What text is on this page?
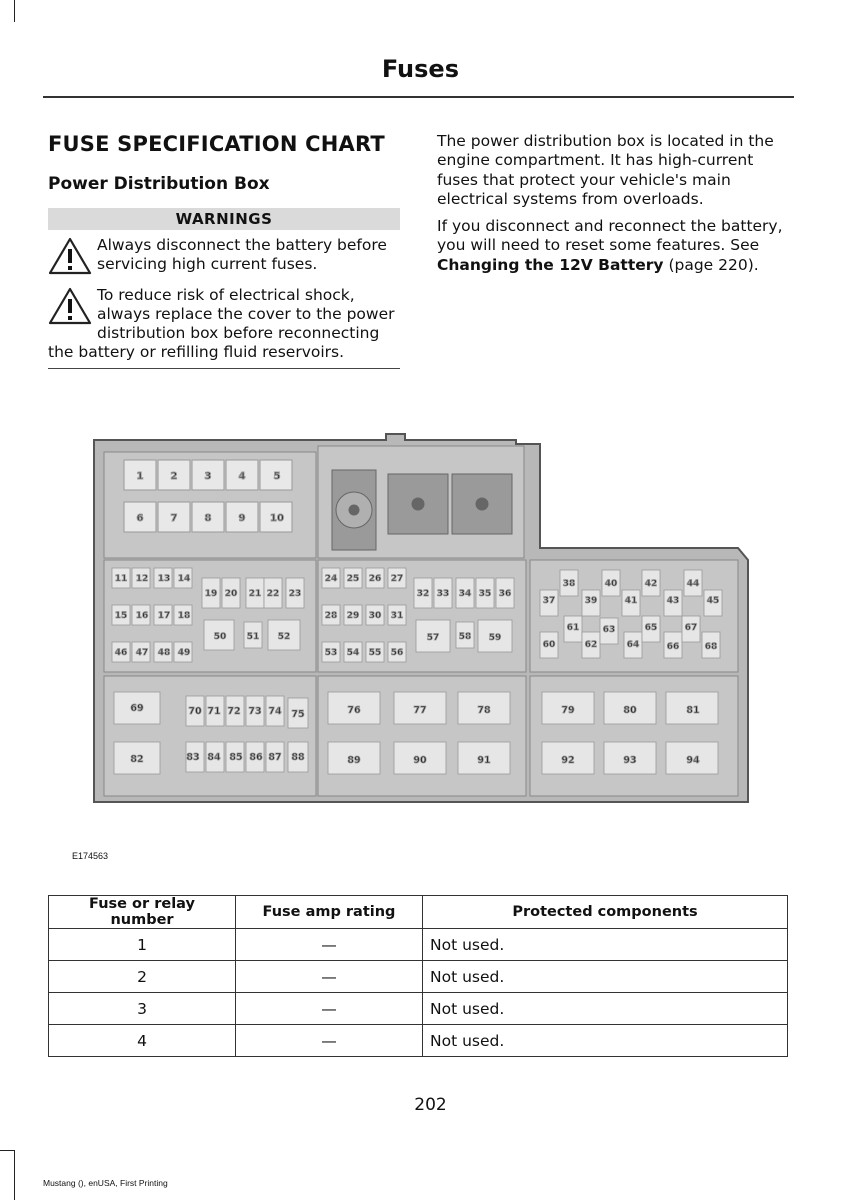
Fuses
FUSE SPECIFICATION CHART
Power Distribution Box
WARNINGS
Always disconnect the battery before servicing high current fuses.
To reduce risk of electrical shock, always replace the cover to the power distribution box before reconnecting the battery or refilling fluid reservoirs.

The power distribution box is located in the engine compartment. It has high-current fuses that protect your vehicle's main electrical systems from overloads.

If you disconnect and reconnect the battery, you will need to reset some features. See Changing the 12V Battery (page 220).

1	2	3	4	5
6	7	8	9 10
11 12 13 14
15 16 17 18
46 47 48 49
19 20 21 22 23
50 51 52
24 25 26 27
28 29 30 31
53 54 55 56
32 33 34 35 36
57 58 59
37
38
39
40
41
42
43
44
45
60
61
62
63
64
65
66
67
68
69	70 71 72 73 74 75
82	83 84 85 86 87 88
76	77	78
89	90	91
79	80	81
92	93	94
E174563
Fuse or relay number	Fuse amp rating	Protected components
1	—	Not used.
2	—	Not used.
3	—	Not used.
4	—	Not used.
202
Mustang (), enUSA, First Printing
